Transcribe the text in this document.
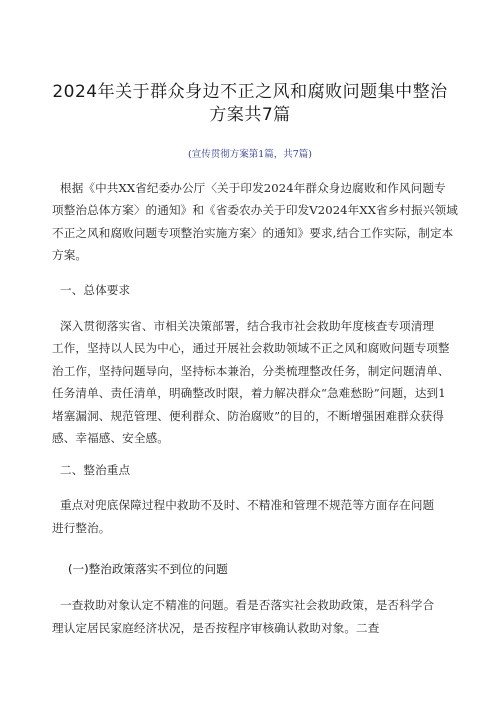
2024年关于群众身边不正之风和腐败问题集中整治
方案共7篇
(宣传贯彻方案第1篇，共7篇)
根据《中共XX省纪委办公厅〈关于印发2024年群众身边腐败和作风问题专
项整治总体方案〉的通知》和《省委农办关于印发V2024年XX省乡村振兴领域
不正之风和腐败问题专项整治实施方案〉的通知》要求,结合工作实际，制定本
方案。
一、总体要求
深入贯彻落实省、市相关决策部署，结合我市社会救助年度核查专项清理
工作，坚持以人民为中心，通过开展社会救助领域不正之风和腐败问题专项整
治工作，坚持问题导向，坚持标本兼治，分类梳理整改任务，制定问题清单、
任务清单、责任清单，明确整改时限，着力解决群众“急难愁盼”问题，达到1
堵塞漏洞、规范管理、便利群众、防治腐败”的目的，不断增强困难群众获得
感、幸福感、安全感。
二、整治重点
重点对兜底保障过程中救助不及时、不精准和管理不规范等方面存在问题
进行整治。
(一)整治政策落实不到位的问题
一查救助对象认定不精准的问题。看是否落实社会救助政策，是否科学合
理认定居民家庭经济状况，是否按程序审核确认救助对象。二查
